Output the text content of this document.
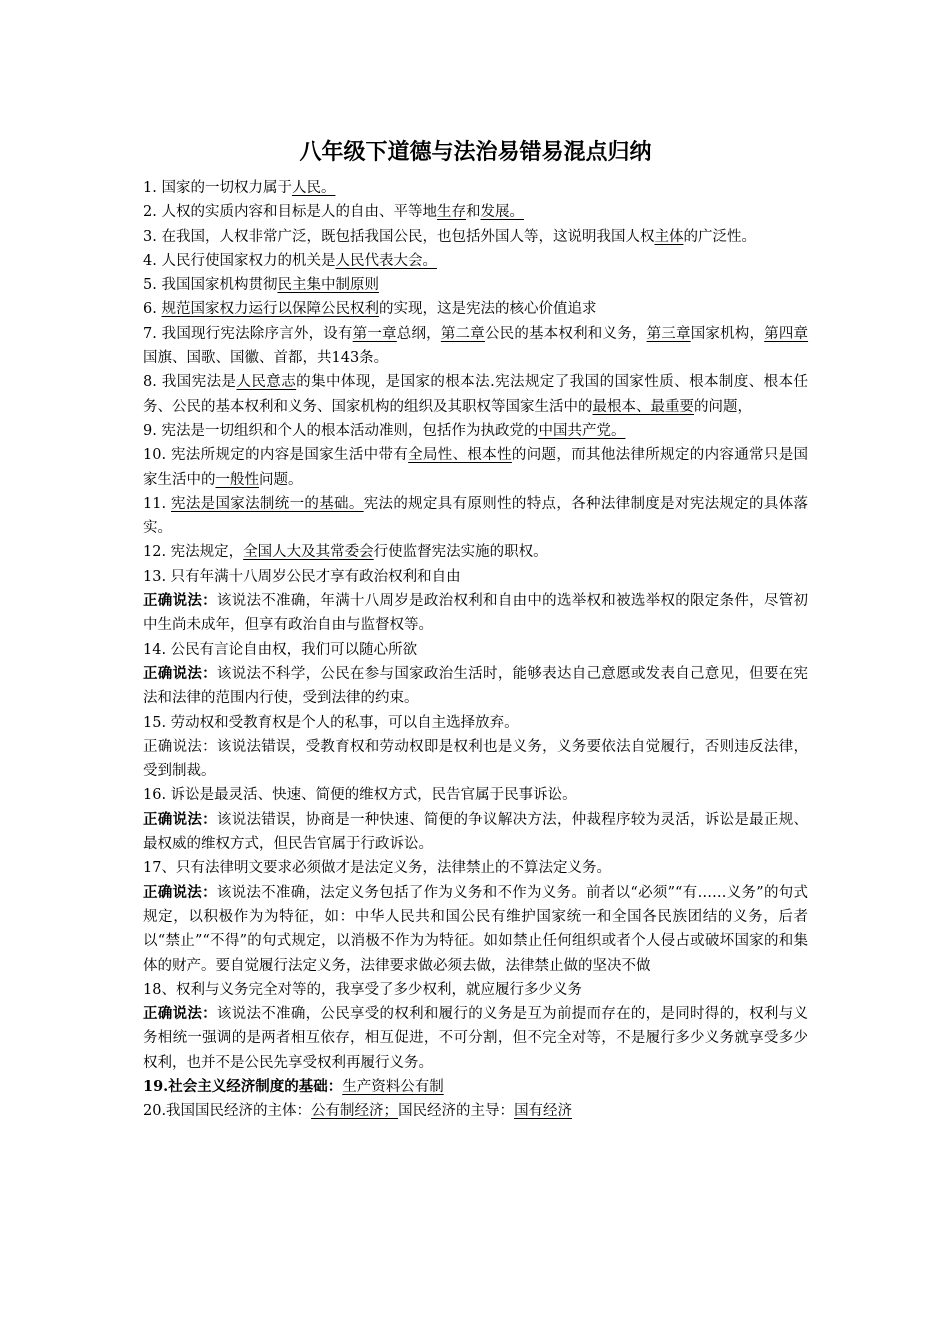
八年级下道德与法治易错易混点归纳

1. 国家的一切权力属于人民。

2. 人权的实质内容和目标是人的自由、平等地生存和发展。

3. 在我国，人权非常广泛，既包括我国公民，也包括外国人等，这说明我国人权主体的广泛性。

4. 人民行使国家权力的机关是人民代表大会。

5. 我国国家机构贯彻民主集中制原则

6. 规范国家权力运行以保障公民权利的实现，这是宪法的核心价值追求

7. 我国现行宪法除序言外，设有第一章总纲，第二章公民的基本权利和义务，第三章国家机构，第四章国旗、国歌、国徽、首都，共143条。

8. 我国宪法是人民意志的集中体现，是国家的根本法.宪法规定了我国的国家性质、根本制度、根本任务、公民的基本权利和义务、国家机构的组织及其职权等国家生活中的最根本、最重要的问题，

9. 宪法是一切组织和个人的根本活动准则，包括作为执政党的中国共产党。

10. 宪法所规定的内容是国家生活中带有全局性、根本性的问题，而其他法律所规定的内容通常只是国家生活中的一般性问题。

11. 宪法是国家法制统一的基础。宪法的规定具有原则性的特点，各种法律制度是对宪法规定的具体落实。

12. 宪法规定，全国人大及其常委会行使监督宪法实施的职权。

13. 只有年满十八周岁公民才享有政治权利和自由

正确说法：该说法不准确，年满十八周岁是政治权利和自由中的选举权和被选举权的限定条件，尽管初中生尚未成年，但享有政治自由与监督权等。

14. 公民有言论自由权，我们可以随心所欲

正确说法：该说法不科学，公民在参与国家政治生活时，能够表达自己意愿或发表自己意见，但要在宪法和法律的范围内行使，受到法律的约束。

15. 劳动权和受教育权是个人的私事，可以自主选择放弃。

正确说法：该说法错误，受教育权和劳动权即是权利也是义务，义务要依法自觉履行，否则违反法律，受到制裁。

16. 诉讼是最灵活、快速、简便的维权方式，民告官属于民事诉讼。

正确说法：该说法错误，协商是一种快速、简便的争议解决方法，仲裁程序较为灵活，诉讼是最正规、最权威的维权方式，但民告官属于行政诉讼。

17、只有法律明文要求必须做才是法定义务，法律禁止的不算法定义务。

正确说法：该说法不准确，法定义务包括了作为义务和不作为义务。前者以“必须”“有……义务”的句式规定，以积极作为为特征，如：中华人民共和国公民有维护国家统一和全国各民族团结的义务，后者以“禁止”“不得”的句式规定，以消极不作为为特征。如如禁止任何组织或者个人侵占或破坏国家的和集体的财产。要自觉履行法定义务，法律要求做必须去做，法律禁止做的坚决不做

18、权利与义务完全对等的，我享受了多少权利，就应履行多少义务

正确说法：该说法不准确，公民享受的权利和履行的义务是互为前提而存在的，是同时得的，权利与义务相统一强调的是两者相互依存，相互促进，不可分割，但不完全对等，不是履行多少义务就享受多少权利，也并不是公民先享受权利再履行义务。

19.社会主义经济制度的基础：生产资料公有制

20.我国国民经济的主体：公有制经济；国民经济的主导：国有经济
